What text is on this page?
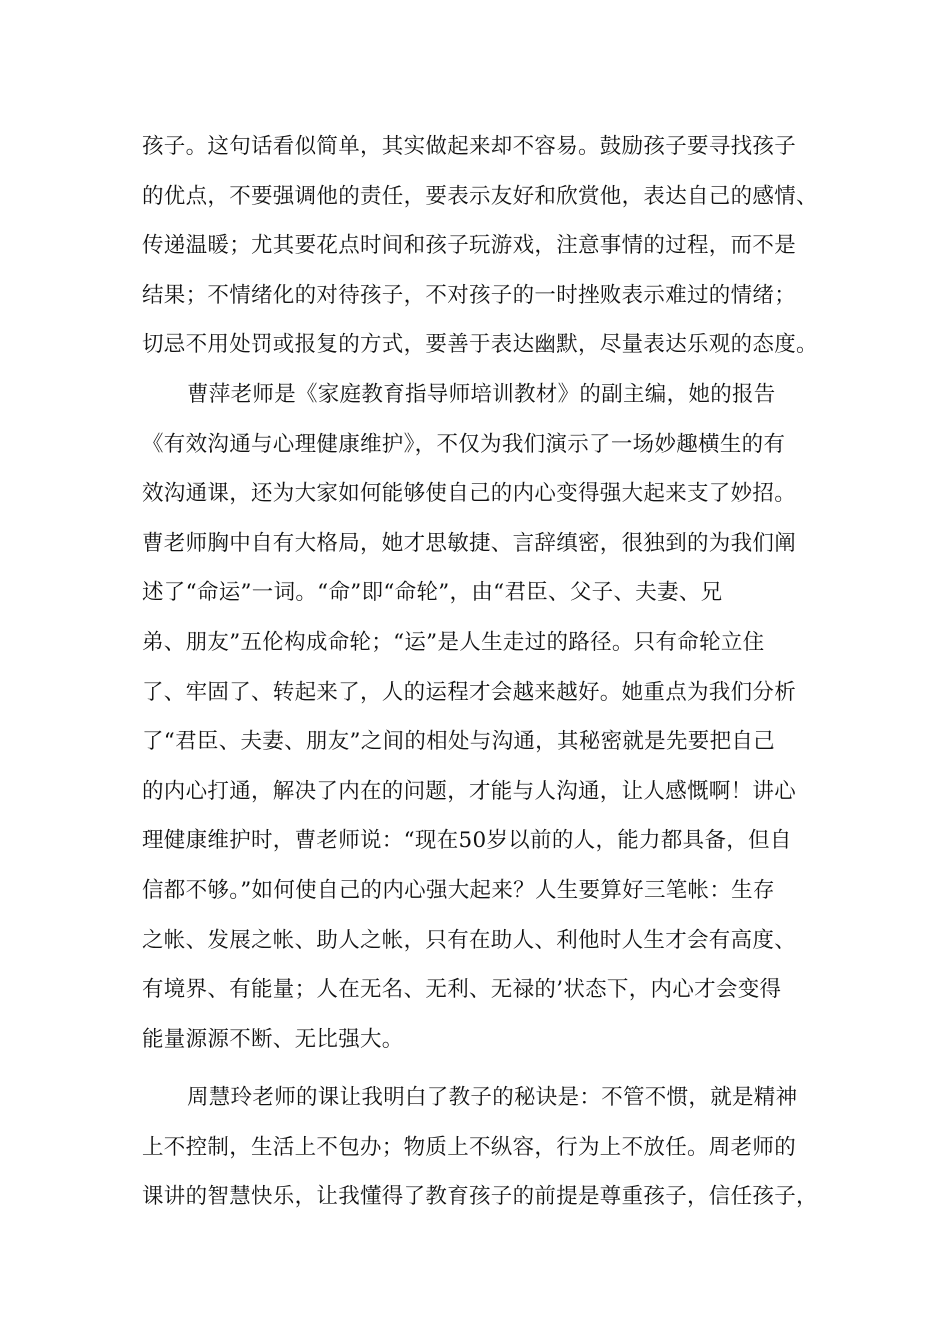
孩子。这句话看似简单，其实做起来却不容易。鼓励孩子要寻找孩子
的优点，不要强调他的责任，要表示友好和欣赏他，表达自己的感情、
传递温暖；尤其要花点时间和孩子玩游戏，注意事情的过程，而不是
结果；不情绪化的对待孩子，不对孩子的一时挫败表示难过的情绪；
切忌不用处罚或报复的方式，要善于表达幽默，尽量表达乐观的态度。
曹萍老师是《家庭教育指导师培训教材》的副主编，她的报告
《有效沟通与心理健康维护》，不仅为我们演示了一场妙趣横生的有
效沟通课，还为大家如何能够使自己的内心变得强大起来支了妙招。
曹老师胸中自有大格局，她才思敏捷、言辞缜密，很独到的为我们阐
述了“命运”一词。“命”即“命轮”，由“君臣、父子、夫妻、兄
弟、朋友”五伦构成命轮；“运”是人生走过的路径。只有命轮立住
了、牢固了、转起来了，人的运程才会越来越好。她重点为我们分析
了“君臣、夫妻、朋友”之间的相处与沟通，其秘密就是先要把自己
的内心打通，解决了内在的问题，才能与人沟通，让人感慨啊！讲心
理健康维护时，曹老师说：“现在50岁以前的人，能力都具备，但自
信都不够。”如何使自己的内心强大起来？人生要算好三笔帐：生存
之帐、发展之帐、助人之帐，只有在助人、利他时人生才会有高度、
有境界、有能量；人在无名、无利、无禄的’状态下，内心才会变得
能量源源不断、无比强大。
周慧玲老师的课让我明白了教子的秘诀是：不管不惯，就是精神
上不控制，生活上不包办；物质上不纵容，行为上不放任。周老师的
课讲的智慧快乐，让我懂得了教育孩子的前提是尊重孩子，信任孩子，
